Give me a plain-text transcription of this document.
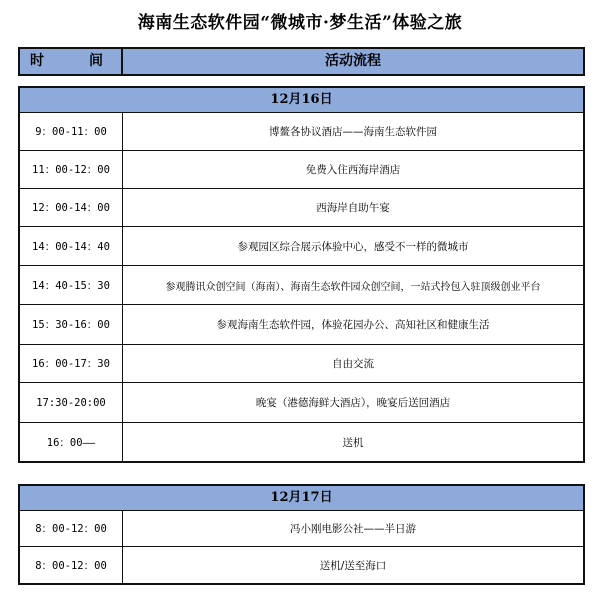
海南生态软件园“微城市·梦生活”体验之旅
时	间	活动流程
12月16日
9：00-11：00	博鳌各协议酒店——海南生态软件园
11：00-12：00	免费入住西海岸酒店
12：00-14：00	西海岸自助午宴
14：00-14：40	参观园区综合展示体验中心，感受不一样的微城市
14：40-15：30	参观腾讯众创空间（海南）、海南生态软件园众创空间，一站式拎包入驻顶级创业平台
15：30-16：00	参观海南生态软件园，体验花园办公、高知社区和健康生活
16：00-17：30	自由交流
17:30-20:00	晚宴（港德海鲜大酒店），晚宴后送回酒店
16：00——	送机
12月17日
8：00-12：00	冯小刚电影公社——半日游
8：00-12：00	送机/送至海口
